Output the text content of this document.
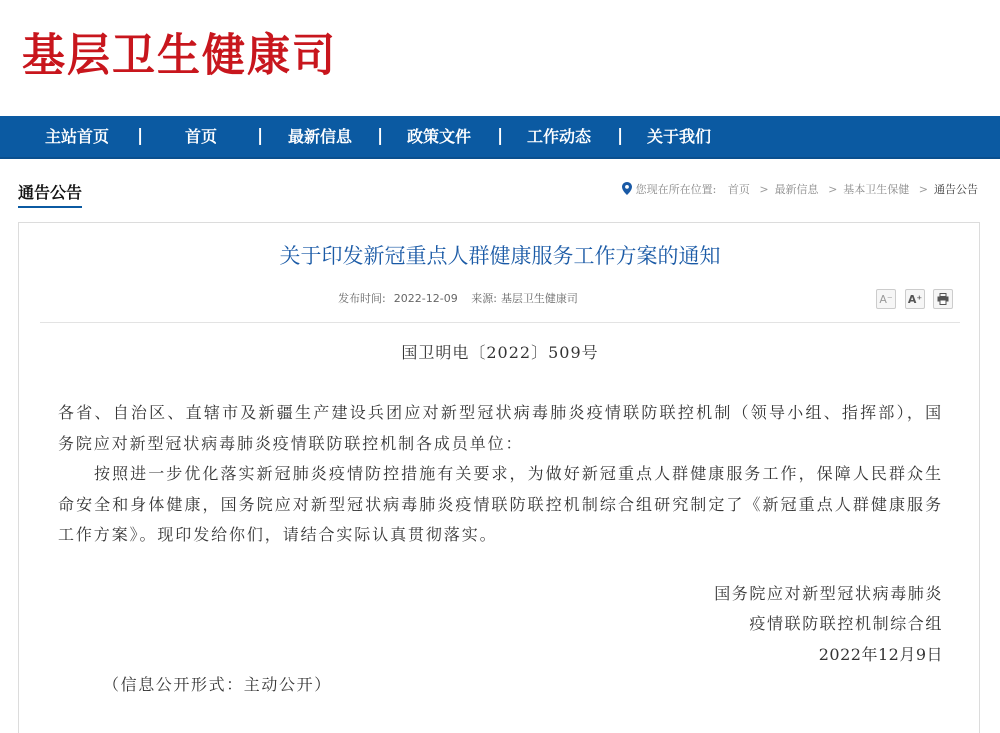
基层卫生健康司
主站首页 |	首页 | 最新信息 | 政策文件 | 工作动态 | 关于我们
通告公告	您现在所在位置: 首页 > 最新信息 > 基本卫生保健 > 通告公告
关于印发新冠重点人群健康服务工作方案的通知
发布时间: 2022-12-09 来源: 基层卫生健康司	A⁻	A⁺
国卫明电〔2022〕509号
各省、自治区、直辖市及新疆生产建设兵团应对新型冠状病毒肺炎疫情联防联控机制（领导小组、指挥部），国务院应对新型冠状病毒肺炎疫情联防联控机制各成员单位：
按照进一步优化落实新冠肺炎疫情防控措施有关要求，为做好新冠重点人群健康服务工作，保障人民群众生命安全和身体健康，国务院应对新型冠状病毒肺炎疫情联防联控机制综合组研究制定了《新冠重点人群健康服务工作方案》。现印发给你们，请结合实际认真贯彻落实。
国务院应对新型冠状病毒肺炎
疫情联防联控机制综合组
2022年12月9日
（信息公开形式：主动公开）
